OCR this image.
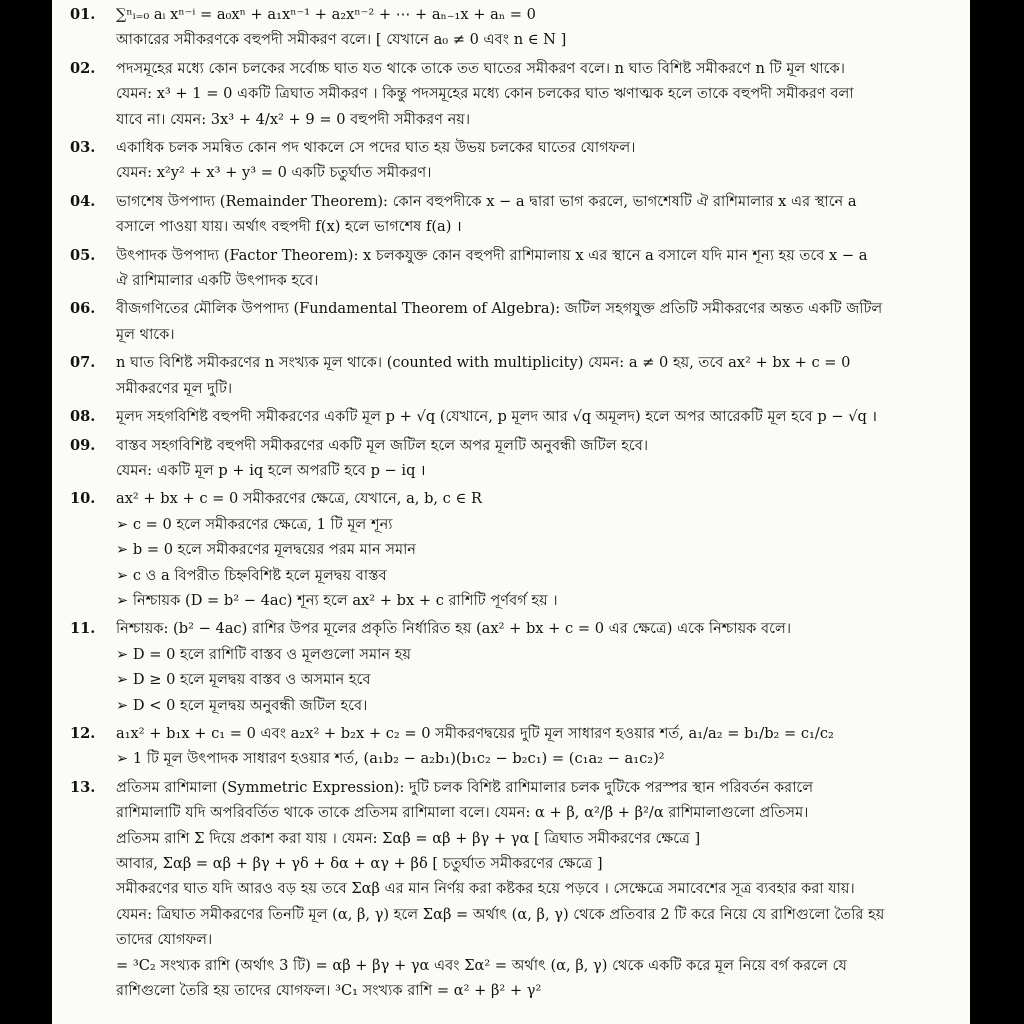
01.	∑ⁿᵢ₌₀ aᵢ xⁿ⁻ⁱ = a₀xⁿ + a₁xⁿ⁻¹ + a₂xⁿ⁻² + ⋯ + aₙ₋₁x + aₙ = 0
আকারের সমীকরণকে বহুপদী সমীকরণ বলে। [ যেখানে a₀ ≠ 0 এবং n ∈ N ]
02.	পদসমূহের মধ্যে কোন চলকের সর্বোচ্চ ঘাত যত থাকে তাকে তত ঘাতের সমীকরণ বলে। n ঘাত বিশিষ্ট সমীকরণে n টি মূল থাকে।
যেমন: x³ + 1 = 0 একটি ত্রিঘাত সমীকরণ । কিন্তু পদসমূহের মধ্যে কোন চলকের ঘাত ঋণাত্মক হলে তাকে বহুপদী সমীকরণ বলা
যাবে না। যেমন: 3x³ + 4/x² + 9 = 0 বহুপদী সমীকরণ নয়।
03.	একাধিক চলক সমন্বিত কোন পদ থাকলে সে পদের ঘাত হয় উভয় চলকের ঘাতের যোগফল।
যেমন: x²y² + x³ + y³ = 0 একটি চতুর্ঘাত সমীকরণ।
04.	ভাগশেষ উপপাদ্য (Remainder Theorem): কোন বহুপদীকে x − a দ্বারা ভাগ করলে, ভাগশেষটি ঐ রাশিমালার x এর স্থানে a
বসালে পাওয়া যায়। অর্থাৎ বহুপদী f(x) হলে ভাগশেষ f(a) ।
05.	উৎপাদক উপপাদ্য (Factor Theorem): x চলকযুক্ত কোন বহুপদী রাশিমালায় x এর স্থানে a বসালে যদি মান শূন্য হয় তবে x − a
ঐ রাশিমালার একটি উৎপাদক হবে।
06.	বীজগণিতের মৌলিক উপপাদ্য (Fundamental Theorem of Algebra): জটিল সহগযুক্ত প্রতিটি সমীকরণের অন্তত একটি জটিল
মূল থাকে।
07.	n ঘাত বিশিষ্ট সমীকরণের n সংখ্যক মূল থাকে। (counted with multiplicity) যেমন: a ≠ 0 হয়, তবে ax² + bx + c = 0
সমীকরণের মূল দুটি।
08.	মূলদ সহগবিশিষ্ট বহুপদী সমীকরণের একটি মূল p + √q (যেখানে, p মূলদ আর √q অমূলদ) হলে অপর আরেকটি মূল হবে p − √q ।
09.	বাস্তব সহগবিশিষ্ট বহুপদী সমীকরণের একটি মূল জটিল হলে অপর মূলটি অনুবন্ধী জটিল হবে।
যেমন: একটি মূল p + iq হলে অপরটি হবে p − iq ।
10.	ax² + bx + c = 0 সমীকরণের ক্ষেত্রে, যেখানে, a, b, c ∈ R
➢ c = 0 হলে সমীকরণের ক্ষেত্রে, 1 টি মূল শূন্য
➢ b = 0 হলে সমীকরণের মূলদ্বয়ের পরম মান সমান
➢ c ও a বিপরীত চিহ্নবিশিষ্ট হলে মূলদ্বয় বাস্তব
➢ নিশ্চায়ক (D = b² − 4ac) শূন্য হলে ax² + bx + c রাশিটি পূর্ণবর্গ হয় ।
11.	নিশ্চায়ক: (b² − 4ac) রাশির উপর মূলের প্রকৃতি নির্ধারিত হয় (ax² + bx + c = 0 এর ক্ষেত্রে) একে নিশ্চায়ক বলে।
➢ D = 0 হলে রাশিটি বাস্তব ও মূলগুলো সমান হয়
➢ D ≥ 0 হলে মূলদ্বয় বাস্তব ও অসমান হবে
➢ D < 0 হলে মূলদ্বয় অনুবন্ধী জটিল হবে।
12.	a₁x² + b₁x + c₁ = 0 এবং a₂x² + b₂x + c₂ = 0 সমীকরণদ্বয়ের দুটি মূল সাধারণ হওয়ার শর্ত, a₁/a₂ = b₁/b₂ = c₁/c₂
➢ 1 টি মূল উৎপাদক সাধারণ হওয়ার শর্ত, (a₁b₂ − a₂b₁)(b₁c₂ − b₂c₁) = (c₁a₂ − a₁c₂)²
13.	প্রতিসম রাশিমালা (Symmetric Expression): দুটি চলক বিশিষ্ট রাশিমালার চলক দুটিকে পরস্পর স্থান পরিবর্তন করালে
রাশিমালাটি যদি অপরিবর্তিত থাকে তাকে প্রতিসম রাশিমালা বলে। যেমন: α + β, α²/β + β²/α রাশিমালাগুলো প্রতিসম।
প্রতিসম রাশি Σ দিয়ে প্রকাশ করা যায় । যেমন: Σαβ = αβ + βγ + γα [ ত্রিঘাত সমীকরণের ক্ষেত্রে ]
আবার, Σαβ = αβ + βγ + γδ + δα + αγ + βδ [ চতুর্ঘাত সমীকরণের ক্ষেত্রে ]
সমীকরণের ঘাত যদি আরও বড় হয় তবে Σαβ এর মান নির্ণয় করা কষ্টকর হয়ে পড়বে । সেক্ষেত্রে সমাবেশের সূত্র ব্যবহার করা যায়।
যেমন: ত্রিঘাত সমীকরণের তিনটি মূল (α, β, γ) হলে Σαβ = অর্থাৎ (α, β, γ) থেকে প্রতিবার 2 টি করে নিয়ে যে রাশিগুলো তৈরি হয়
তাদের যোগফল।
= ³C₂ সংখ্যক রাশি (অর্থাৎ 3 টি) = αβ + βγ + γα এবং Σα² = অর্থাৎ (α, β, γ) থেকে একটি করে মূল নিয়ে বর্গ করলে যে
রাশিগুলো তৈরি হয় তাদের যোগফল। ³C₁ সংখ্যক রাশি = α² + β² + γ²
